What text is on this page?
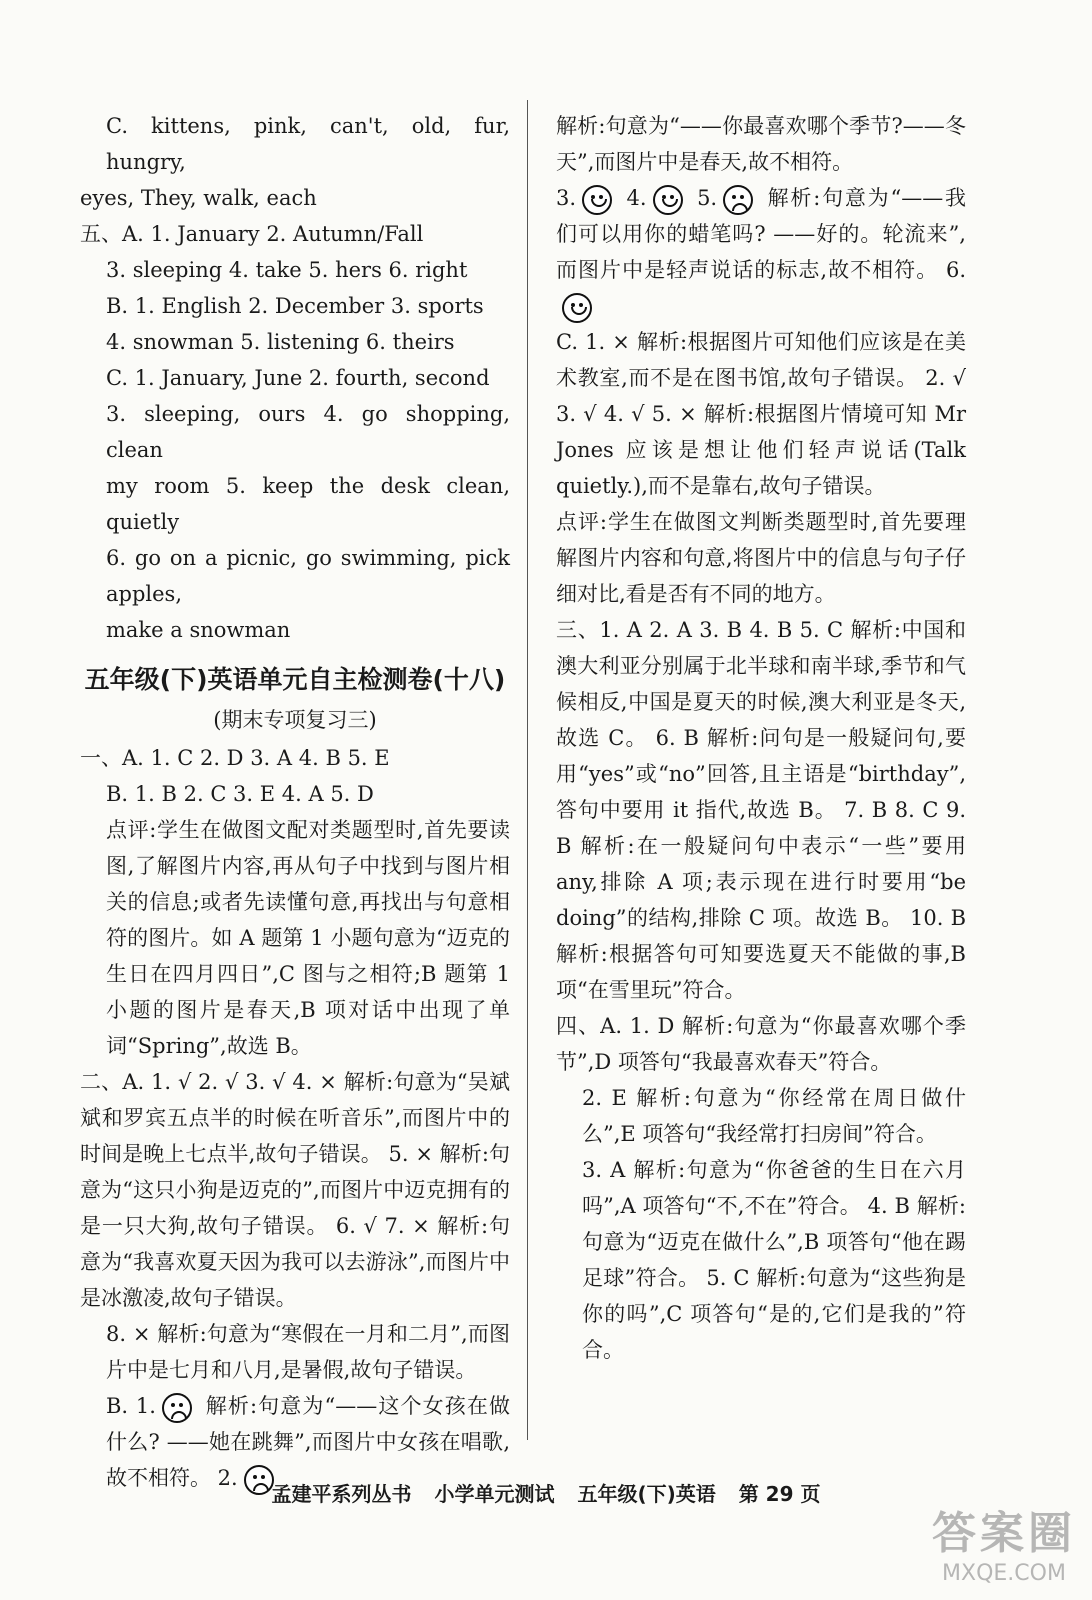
C. kittens, pink, can't, old, fur, hungry,

eyes, They, walk, each

五、A. 1. January 2. Autumn/Fall

3. sleeping 4. take 5. hers 6. right

B. 1. English 2. December 3. sports

4. snowman 5. listening 6. theirs

C. 1. January, June 2. fourth, second

3. sleeping, ours 4. go shopping, clean

my room 5. keep the desk clean, quietly

6. go on a picnic, go swimming, pick apples,

make a snowman

五年级(下)英语单元自主检测卷(十八)
(期末专项复习三)

一、A. 1. C 2. D 3. A 4. B 5. E

B. 1. B 2. C 3. E 4. A 5. D

点评:学生在做图文配对类题型时,首先要读图,了解图片内容,再从句子中找到与图片相关的信息;或者先读懂句意,再找出与句意相符的图片。如 A 题第 1 小题句意为“迈克的生日在四月四日”,C 图与之相符;B 题第 1 小题的图片是春天,B 项对话中出现了单词“Spring”,故选 B。

二、A. 1. √ 2. √ 3. √ 4. × 解析:句意为“吴斌斌和罗宾五点半的时候在听音乐”,而图片中的时间是晚上七点半,故句子错误。 5. × 解析:句意为“这只小狗是迈克的”,而图片中迈克拥有的是一只大狗,故句子错误。 6. √ 7. × 解析:句意为“我喜欢夏天因为我可以去游泳”,而图片中是冰激凌,故句子错误。

8. × 解析:句意为“寒假在一月和二月”,而图片中是七月和八月,是暑假,故句子错误。

B. 1. 解析:句意为“——这个女孩在做什么? ——她在跳舞”,而图片中女孩在唱歌,故不相符。 2.

解析:句意为“——你最喜欢哪个季节?——冬天”,而图片中是春天,故不相符。

3. 4. 5. 解析:句意为“——我们可以用你的蜡笔吗? ——好的。轮流来”,而图片中是轻声说话的标志,故不相符。 6.

C. 1. × 解析:根据图片可知他们应该是在美术教室,而不是在图书馆,故句子错误。 2. √ 3. √ 4. √ 5. × 解析:根据图片情境可知 Mr Jones 应该是想让他们轻声说话(Talk quietly.),而不是靠右,故句子错误。

点评:学生在做图文判断类题型时,首先要理解图片内容和句意,将图片中的信息与句子仔细对比,看是否有不同的地方。

三、1. A 2. A 3. B 4. B 5. C 解析:中国和澳大利亚分别属于北半球和南半球,季节和气候相反,中国是夏天的时候,澳大利亚是冬天,故选 C。 6. B 解析:问句是一般疑问句,要用“yes”或“no”回答,且主语是“birthday”,答句中要用 it 指代,故选 B。 7. B 8. C 9. B 解析:在一般疑问句中表示“一些”要用 any,排除 A 项;表示现在进行时要用“be doing”的结构,排除 C 项。故选 B。 10. B 解析:根据答句可知要选夏天不能做的事,B 项“在雪里玩”符合。

四、A. 1. D 解析:句意为“你最喜欢哪个季节”,D 项答句“我最喜欢春天”符合。

2. E 解析:句意为“你经常在周日做什么”,E 项答句“我经常打扫房间”符合。

3. A 解析:句意为“你爸爸的生日在六月吗”,A 项答句“不,不在”符合。 4. B 解析:句意为“迈克在做什么”,B 项答句“他在踢足球”符合。 5. C 解析:句意为“这些狗是你的吗”,C 项答句“是的,它们是我的”符合。

孟建平系列丛书 小学单元测试 五年级(下)英语 第 29 页
答案圈
MXQE.COM
